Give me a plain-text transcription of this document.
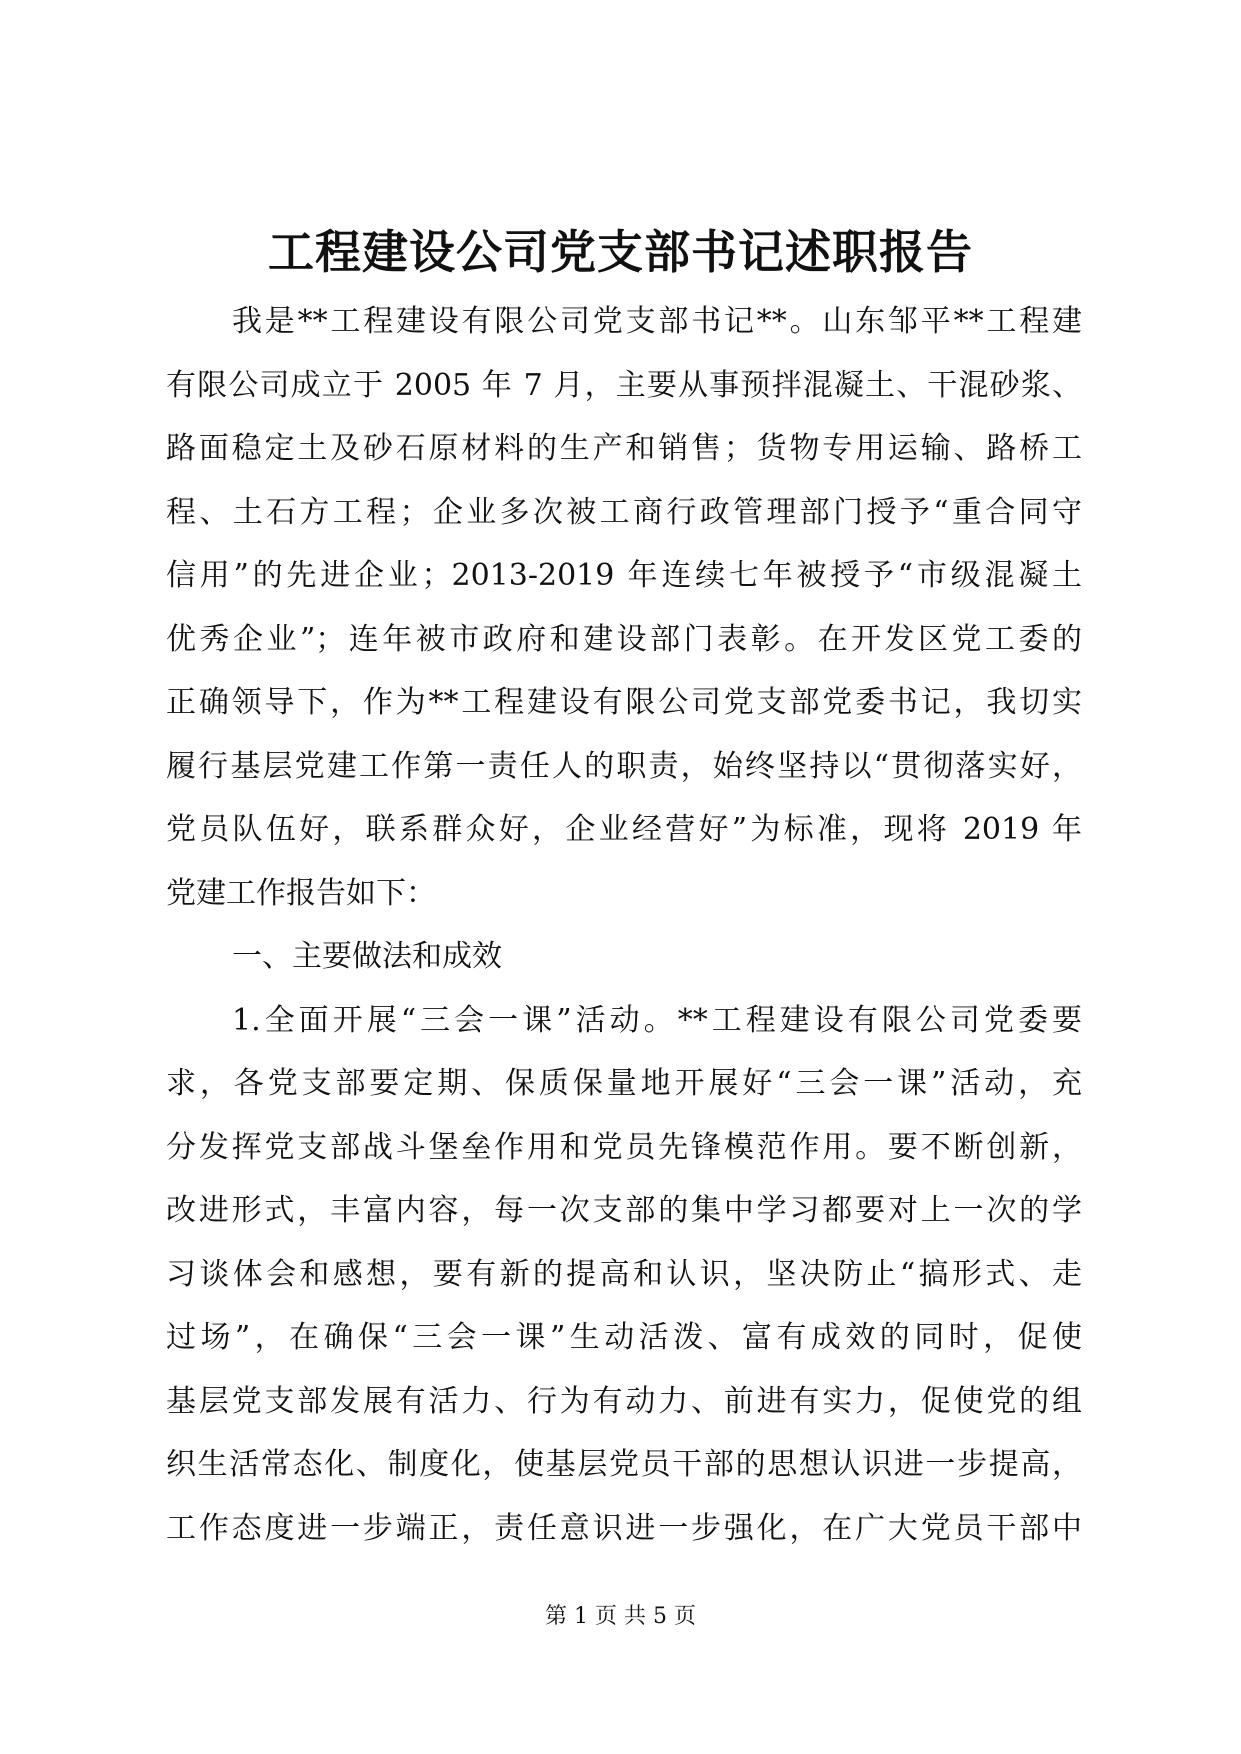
工程建设公司党支部书记述职报告
我是**工程建设有限公司党支部书记**。山东邹平**工程建
有限公司成立于 2005 年 7 月，主要从事预拌混凝土、干混砂浆、
路面稳定土及砂石原材料的生产和销售；货物专用运输、路桥工
程、土石方工程；企业多次被工商行政管理部门授予“重合同守
信用”的先进企业；2013-2019 年连续七年被授予“市级混凝土
优秀企业”；连年被市政府和建设部门表彰。在开发区党工委的
正确领导下，作为**工程建设有限公司党支部党委书记，我切实
履行基层党建工作第一责任人的职责，始终坚持以“贯彻落实好，
党员队伍好，联系群众好，企业经营好”为标准，现将 2019 年
党建工作报告如下：
一、主要做法和成效
1.全面开展“三会一课”活动。**工程建设有限公司党委要
求，各党支部要定期、保质保量地开展好“三会一课”活动，充
分发挥党支部战斗堡垒作用和党员先锋模范作用。要不断创新，
改进形式，丰富内容，每一次支部的集中学习都要对上一次的学
习谈体会和感想，要有新的提高和认识，坚决防止“搞形式、走
过场”，在确保“三会一课”生动活泼、富有成效的同时，促使
基层党支部发展有活力、行为有动力、前进有实力，促使党的组
织生活常态化、制度化，使基层党员干部的思想认识进一步提高，
工作态度进一步端正，责任意识进一步强化，在广大党员干部中
第 1 页 共 5 页
